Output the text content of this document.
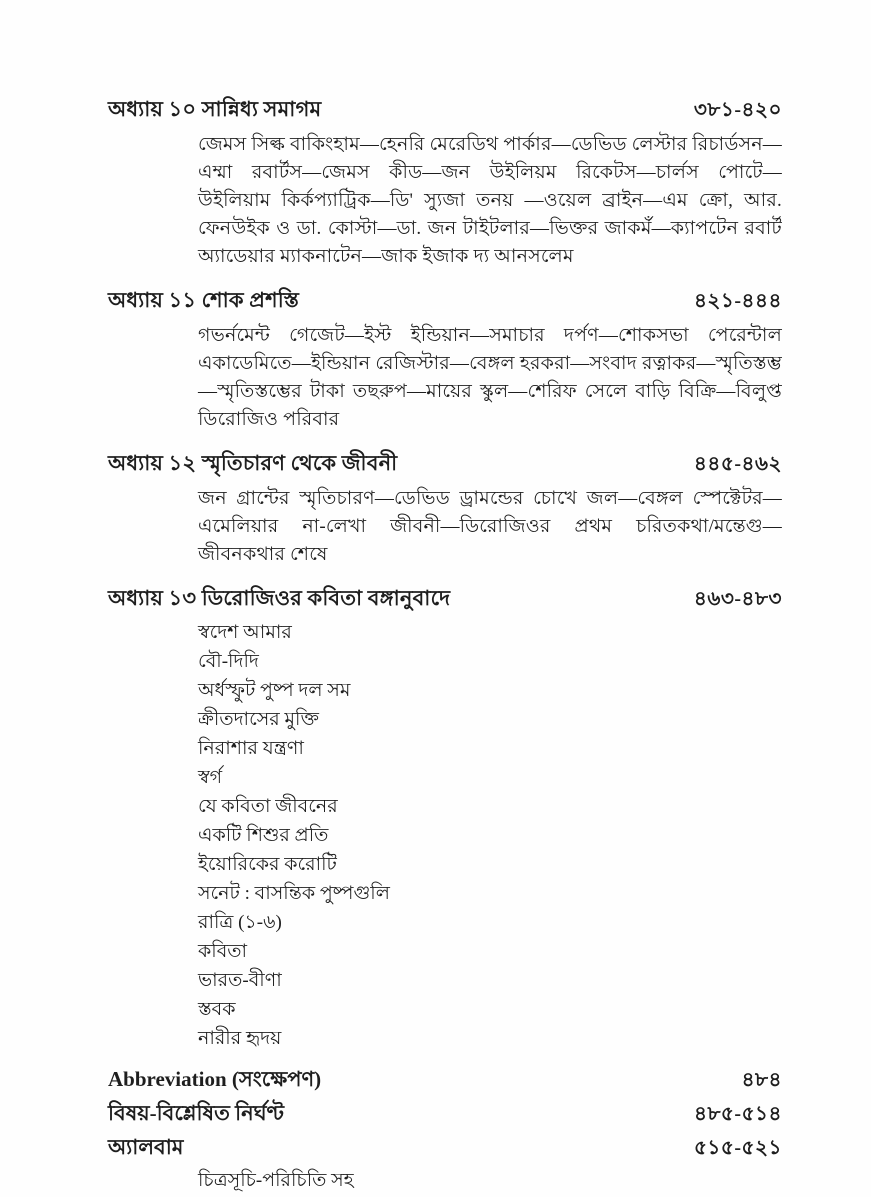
অধ্যায় ১০ সান্নিধ্য সমাগম	৩৮১-৪২০
জেমস সিল্ক বাকিংহাম—হেনরি মেরেডিথ পার্কার—ডেভিড লেস্টার রিচার্ডসন—এম্মা রবার্টস—জেমস কীড—জন উইলিয়ম রিকেটস—চার্লস পোটে—উইলিয়াম কির্কপ্যাট্রিক—ডি' স্যুজা তনয় —ওয়েল ব্রাইন—এম ক্রো, আর. ফেনউইক ও ডা. কোস্টা—ডা. জন টাইটলার—ভিক্তর জাকর্মঁ—ক্যাপটেন রবার্ট অ্যাডেয়ার ম্যাকনাটেন—জাক ইজাক দ্য আনসলেম
অধ্যায় ১১ শোক প্রশস্তি	৪২১-৪৪৪
গভর্নমেন্ট গেজেট—ইস্ট ইন্ডিয়ান—সমাচার দর্পণ—শোকসভা পেরেন্টাল একাডেমিতে—ইন্ডিয়ান রেজিস্টার—বেঙ্গল হরকরা—সংবাদ রত্নাকর—স্মৃতিস্তম্ভ—স্মৃতিস্তম্ভের টাকা তছরুপ—মায়ের স্কুল—শেরিফ সেলে বাড়ি বিক্রি—বিলুপ্ত ডিরোজিও পরিবার
অধ্যায় ১২ স্মৃতিচারণ থেকে জীবনী	৪৪৫-৪৬২
জন গ্রান্টের স্মৃতিচারণ—ডেভিড ড্রামন্ডের চোখে জল—বেঙ্গল স্পেক্টেটর—এমেলিয়ার না-লেখা জীবনী—ডিরোজিওর প্রথম চরিতকথা/মন্তেগু—জীবনকথার শেষে
অধ্যায় ১৩ ডিরোজিওর কবিতা বঙ্গানুবাদে	৪৬৩-৪৮৩
স্বদেশ আমার
বৌ-দিদি
অর্ধস্ফুট পুষ্প দল সম
ক্রীতদাসের মুক্তি
নিরাশার যন্ত্রণা
স্বর্গ
যে কবিতা জীবনের
একটি শিশুর প্রতি
ইয়োরিকের করোটি
সনেট : বাসন্তিক পুষ্পগুলি
রাত্রি (১-৬)
কবিতা
ভারত-বীণা
স্তবক
নারীর হৃদয়
Abbreviation (সংক্ষেপণ)	৪৮৪
বিষয়-বিশ্লেষিত নির্ঘণ্ট	৪৮৫-৫১৪
অ্যালবাম	৫১৫-৫২১
চিত্রসূচি-পরিচিতি সহ
